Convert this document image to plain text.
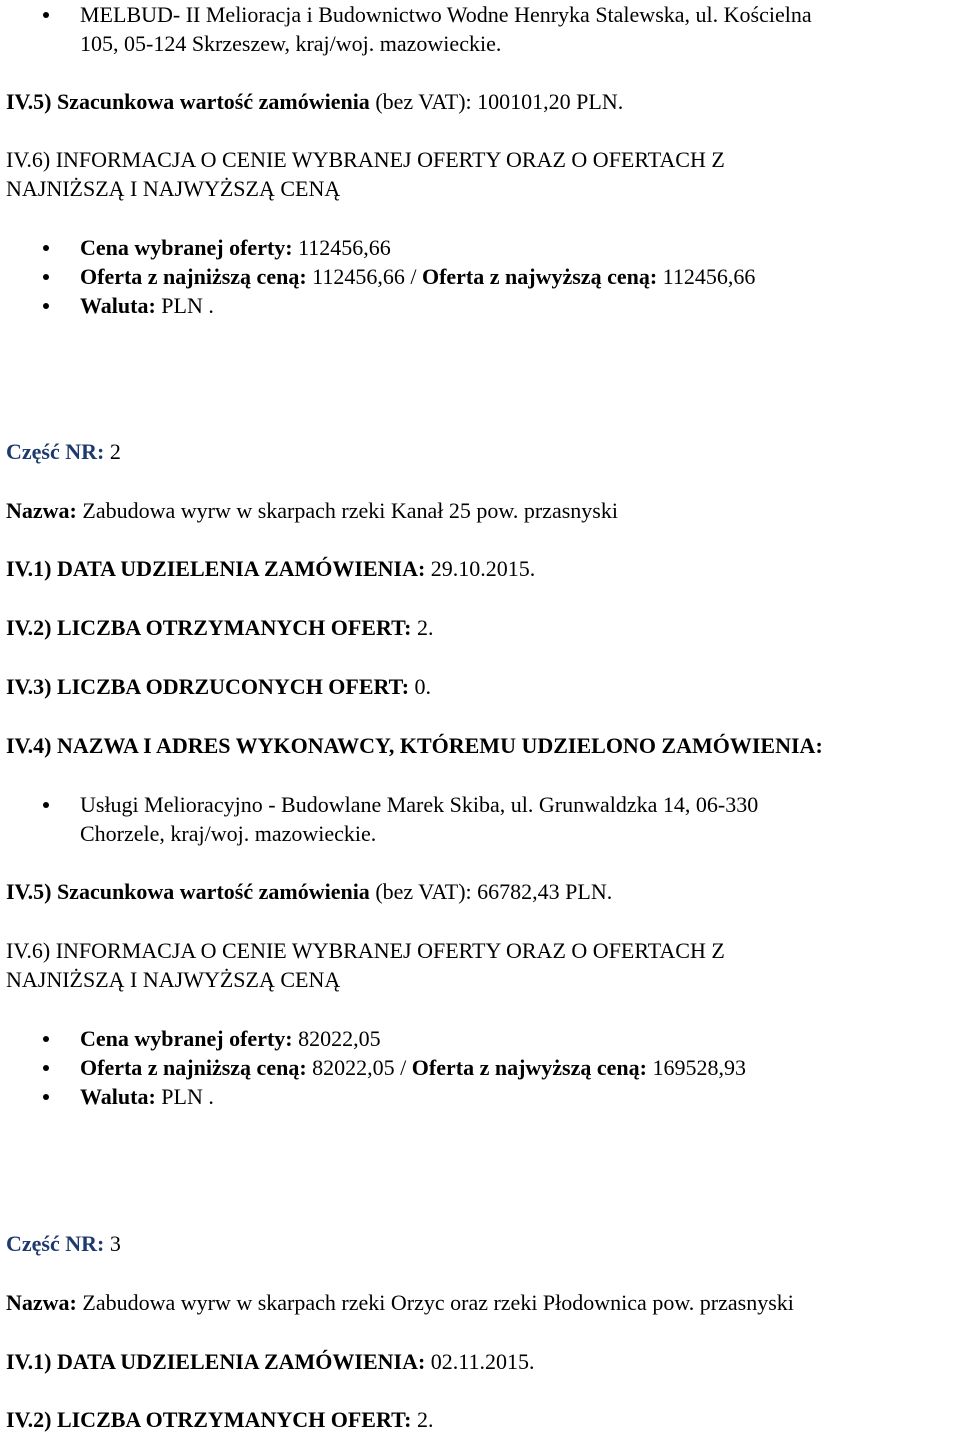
MELBUD- II Melioracja i Budownictwo Wodne Henryka Stalewska, ul. Kościelna
105, 05-124 Skrzeszew, kraj/woj. mazowieckie.
IV.5) Szacunkowa wartość zamówienia (bez VAT): 100101,20 PLN.
IV.6) INFORMACJA O CENIE WYBRANEJ OFERTY ORAZ O OFERTACH Z
NAJNIŻSZĄ I NAJWYŻSZĄ CENĄ
Cena wybranej oferty: 112456,66
Oferta z najniższą ceną: 112456,66 / Oferta z najwyższą ceną: 112456,66
Waluta: PLN .
Część NR: 2
Nazwa: Zabudowa wyrw w skarpach rzeki Kanał 25 pow. przasnyski
IV.1) DATA UDZIELENIA ZAMÓWIENIA: 29.10.2015.
IV.2) LICZBA OTRZYMANYCH OFERT: 2.
IV.3) LICZBA ODRZUCONYCH OFERT: 0.
IV.4) NAZWA I ADRES WYKONAWCY, KTÓREMU UDZIELONO ZAMÓWIENIA:
Usługi Melioracyjno - Budowlane Marek Skiba, ul. Grunwaldzka 14, 06-330
Chorzele, kraj/woj. mazowieckie.
IV.5) Szacunkowa wartość zamówienia (bez VAT): 66782,43 PLN.
IV.6) INFORMACJA O CENIE WYBRANEJ OFERTY ORAZ O OFERTACH Z
NAJNIŻSZĄ I NAJWYŻSZĄ CENĄ
Cena wybranej oferty: 82022,05
Oferta z najniższą ceną: 82022,05 / Oferta z najwyższą ceną: 169528,93
Waluta: PLN .
Część NR: 3
Nazwa: Zabudowa wyrw w skarpach rzeki Orzyc oraz rzeki Płodownica pow. przasnyski
IV.1) DATA UDZIELENIA ZAMÓWIENIA: 02.11.2015.
IV.2) LICZBA OTRZYMANYCH OFERT: 2.
